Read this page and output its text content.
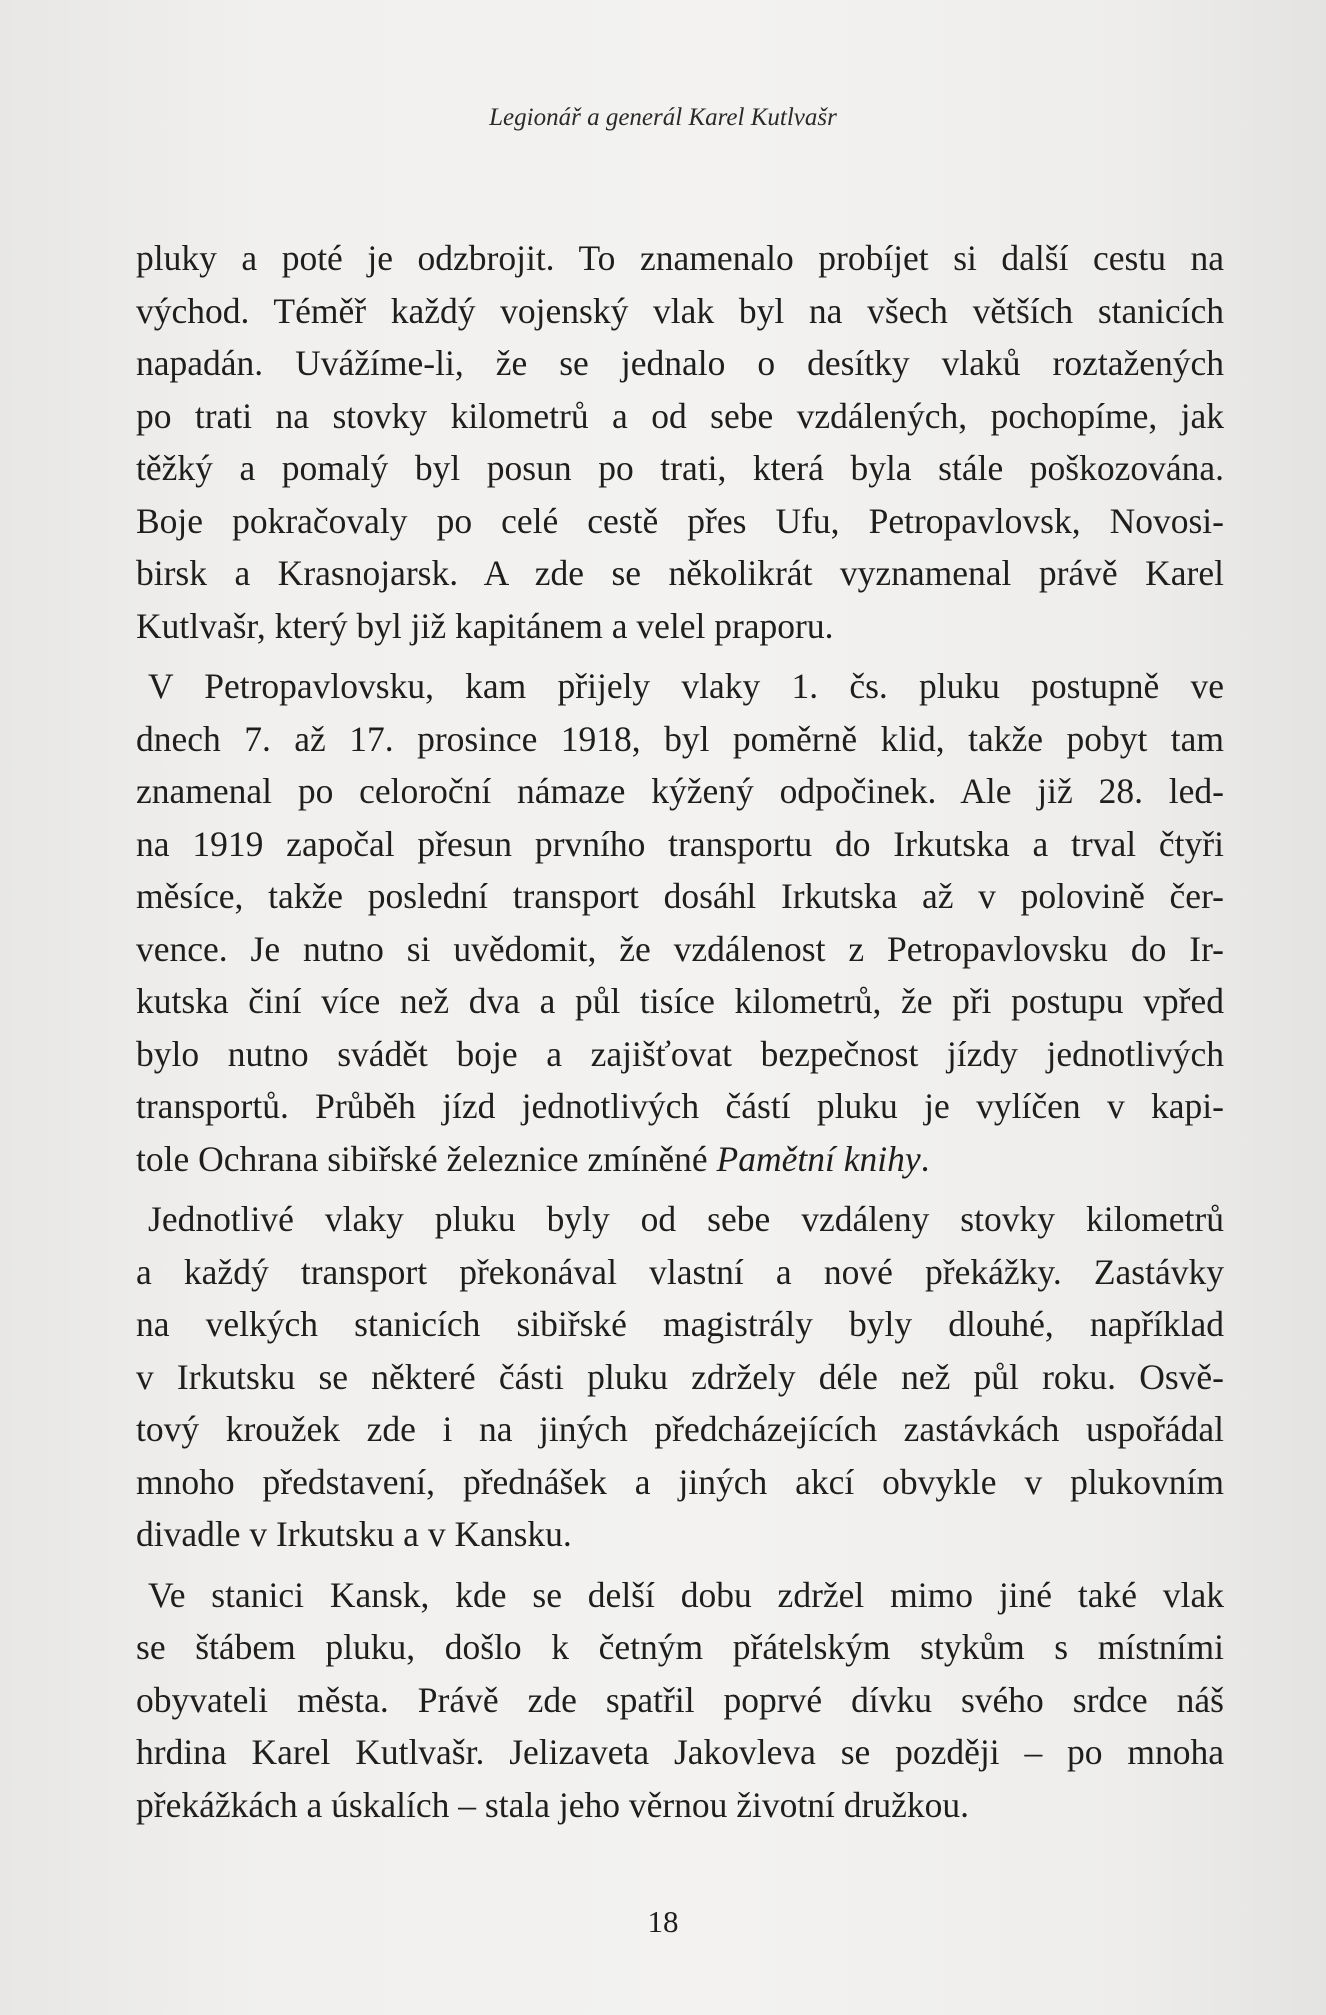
Legionář a generál Karel Kutlvašr
pluky a poté je odzbrojit. To znamenalo probíjet si další cestu na
východ. Téměř každý vojenský vlak byl na všech větších stanicích
napadán. Uvážíme-li, že se jednalo o desítky vlaků roztažených
po trati na stovky kilometrů a od sebe vzdálených, pochopíme, jak
těžký a pomalý byl posun po trati, která byla stále poškozována.
Boje pokračovaly po celé cestě přes Ufu, Petropavlovsk, Novosi-
birsk a Krasnojarsk. A zde se několikrát vyznamenal právě Karel
Kutlvašr, který byl již kapitánem a velel praporu.
V Petropavlovsku, kam přijely vlaky 1. čs. pluku postupně ve
dnech 7. až 17. prosince 1918, byl poměrně klid, takže pobyt tam
znamenal po celoroční námaze kýžený odpočinek. Ale již 28. led-
na 1919 započal přesun prvního transportu do Irkutska a trval čtyři
měsíce, takže poslední transport dosáhl Irkutska až v polovině čer-
vence. Je nutno si uvědomit, že vzdálenost z Petropavlovsku do Ir-
kutska činí více než dva a půl tisíce kilometrů, že při postupu vpřed
bylo nutno svádět boje a zajišťovat bezpečnost jízdy jednotlivých
transportů. Průběh jízd jednotlivých částí pluku je vylíčen v kapi-
tole Ochrana sibiřské železnice zmíněné Pamětní knihy.
Jednotlivé vlaky pluku byly od sebe vzdáleny stovky kilometrů
a každý transport překonával vlastní a nové překážky. Zastávky
na velkých stanicích sibiřské magistrály byly dlouhé, například
v Irkutsku se některé části pluku zdržely déle než půl roku. Osvě-
tový kroužek zde i na jiných předcházejících zastávkách uspořádal
mnoho představení, přednášek a jiných akcí obvykle v plukovním
divadle v Irkutsku a v Kansku.
Ve stanici Kansk, kde se delší dobu zdržel mimo jiné také vlak
se štábem pluku, došlo k četným přátelským stykům s místními
obyvateli města. Právě zde spatřil poprvé dívku svého srdce náš
hrdina Karel Kutlvašr. Jelizaveta Jakovleva se později – po mnoha
překážkách a úskalích – stala jeho věrnou životní družkou.
18
